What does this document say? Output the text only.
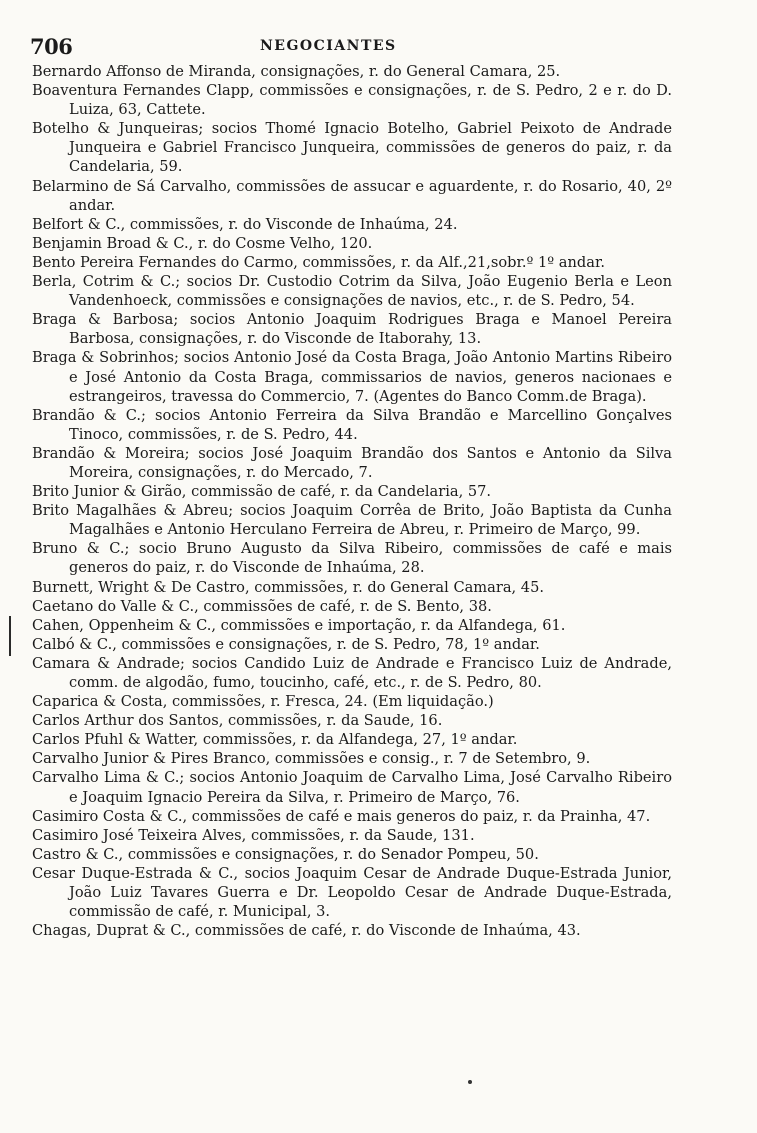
706	NEGOCIANTES

Bernardo Affonso de Miranda, consignações, r. do General Camara, 25.

Boaventura Fernandes Clapp, commissões e consignações, r. de S. Pedro, 2 e r. do D. Luiza, 63, Cattete.

Botelho & Junqueiras; socios Thomé Ignacio Botelho, Gabriel Peixoto de Andrade Junqueira e Gabriel Francisco Junqueira, commissões de generos do paiz, r. da Candelaria, 59.

Belarmino de Sá Carvalho, commissões de assucar e aguardente, r. do Rosario, 40, 2º andar.

Belfort & C., commissões, r. do Visconde de Inhaúma, 24.

Benjamin Broad & C., r. do Cosme Velho, 120.

Bento Pereira Fernandes do Carmo, commissões, r. da Alf.,21,sobr.º 1º andar.

Berla, Cotrim & C.; socios Dr. Custodio Cotrim da Silva, João Eugenio Berla e Leon Vandenhoeck, commissões e consignações de navios, etc., r. de S. Pedro, 54.

Braga & Barbosa; socios Antonio Joaquim Rodrigues Braga e Manoel Pereira Barbosa, consignações, r. do Visconde de Itaborahy, 13.

Braga & Sobrinhos; socios Antonio José da Costa Braga, João Antonio Martins Ribeiro e José Antonio da Costa Braga, commissarios de navios, generos nacionaes e estrangeiros, travessa do Commercio, 7. (Agentes do Banco Comm.de Braga).

Brandão & C.; socios Antonio Ferreira da Silva Brandão e Marcellino Gonçalves Tinoco, commissões, r. de S. Pedro, 44.

Brandão & Moreira; socios José Joaquim Brandão dos Santos e Antonio da Silva Moreira, consignações, r. do Mercado, 7.

Brito Junior & Girão, commissão de café, r. da Candelaria, 57.

Brito Magalhães & Abreu; socios Joaquim Corrêa de Brito, João Baptista da Cunha Magalhães e Antonio Herculano Ferreira de Abreu, r. Primeiro de Março, 99.

Bruno & C.; socio Bruno Augusto da Silva Ribeiro, commissões de café e mais generos do paiz, r. do Visconde de Inhaúma, 28.

Burnett, Wright & De Castro, commissões, r. do General Camara, 45.

Caetano do Valle & C., commissões de café, r. de S. Bento, 38.

Cahen, Oppenheim & C., commissões e importação, r. da Alfandega, 61.

Calbó & C., commissões e consignações, r. de S. Pedro, 78, 1º andar.

Camara & Andrade; socios Candido Luiz de Andrade e Francisco Luiz de Andrade, comm. de algodão, fumo, toucinho, café, etc., r. de S. Pedro, 80.

Caparica & Costa, commissões, r. Fresca, 24. (Em liquidação.)

Carlos Arthur dos Santos, commissões, r. da Saude, 16.

Carlos Pfuhl & Watter, commissões, r. da Alfandega, 27, 1º andar.

Carvalho Junior & Pires Branco, commissões e consig., r. 7 de Setembro, 9.

Carvalho Lima & C.; socios Antonio Joaquim de Carvalho Lima, José Carvalho Ribeiro e Joaquim Ignacio Pereira da Silva, r. Primeiro de Março, 76.

Casimiro Costa & C., commissões de café e mais generos do paiz, r. da Prainha, 47.

Casimiro José Teixeira Alves, commissões, r. da Saude, 131.

Castro & C., commissões e consignações, r. do Senador Pompeu, 50.

Cesar Duque-Estrada & C., socios Joaquim Cesar de Andrade Duque-Estrada Junior, João Luiz Tavares Guerra e Dr. Leopoldo Cesar de Andrade Duque-Estrada, commissão de café, r. Municipal, 3.

Chagas, Duprat & C., commissões de café, r. do Visconde de Inhaúma, 43.
